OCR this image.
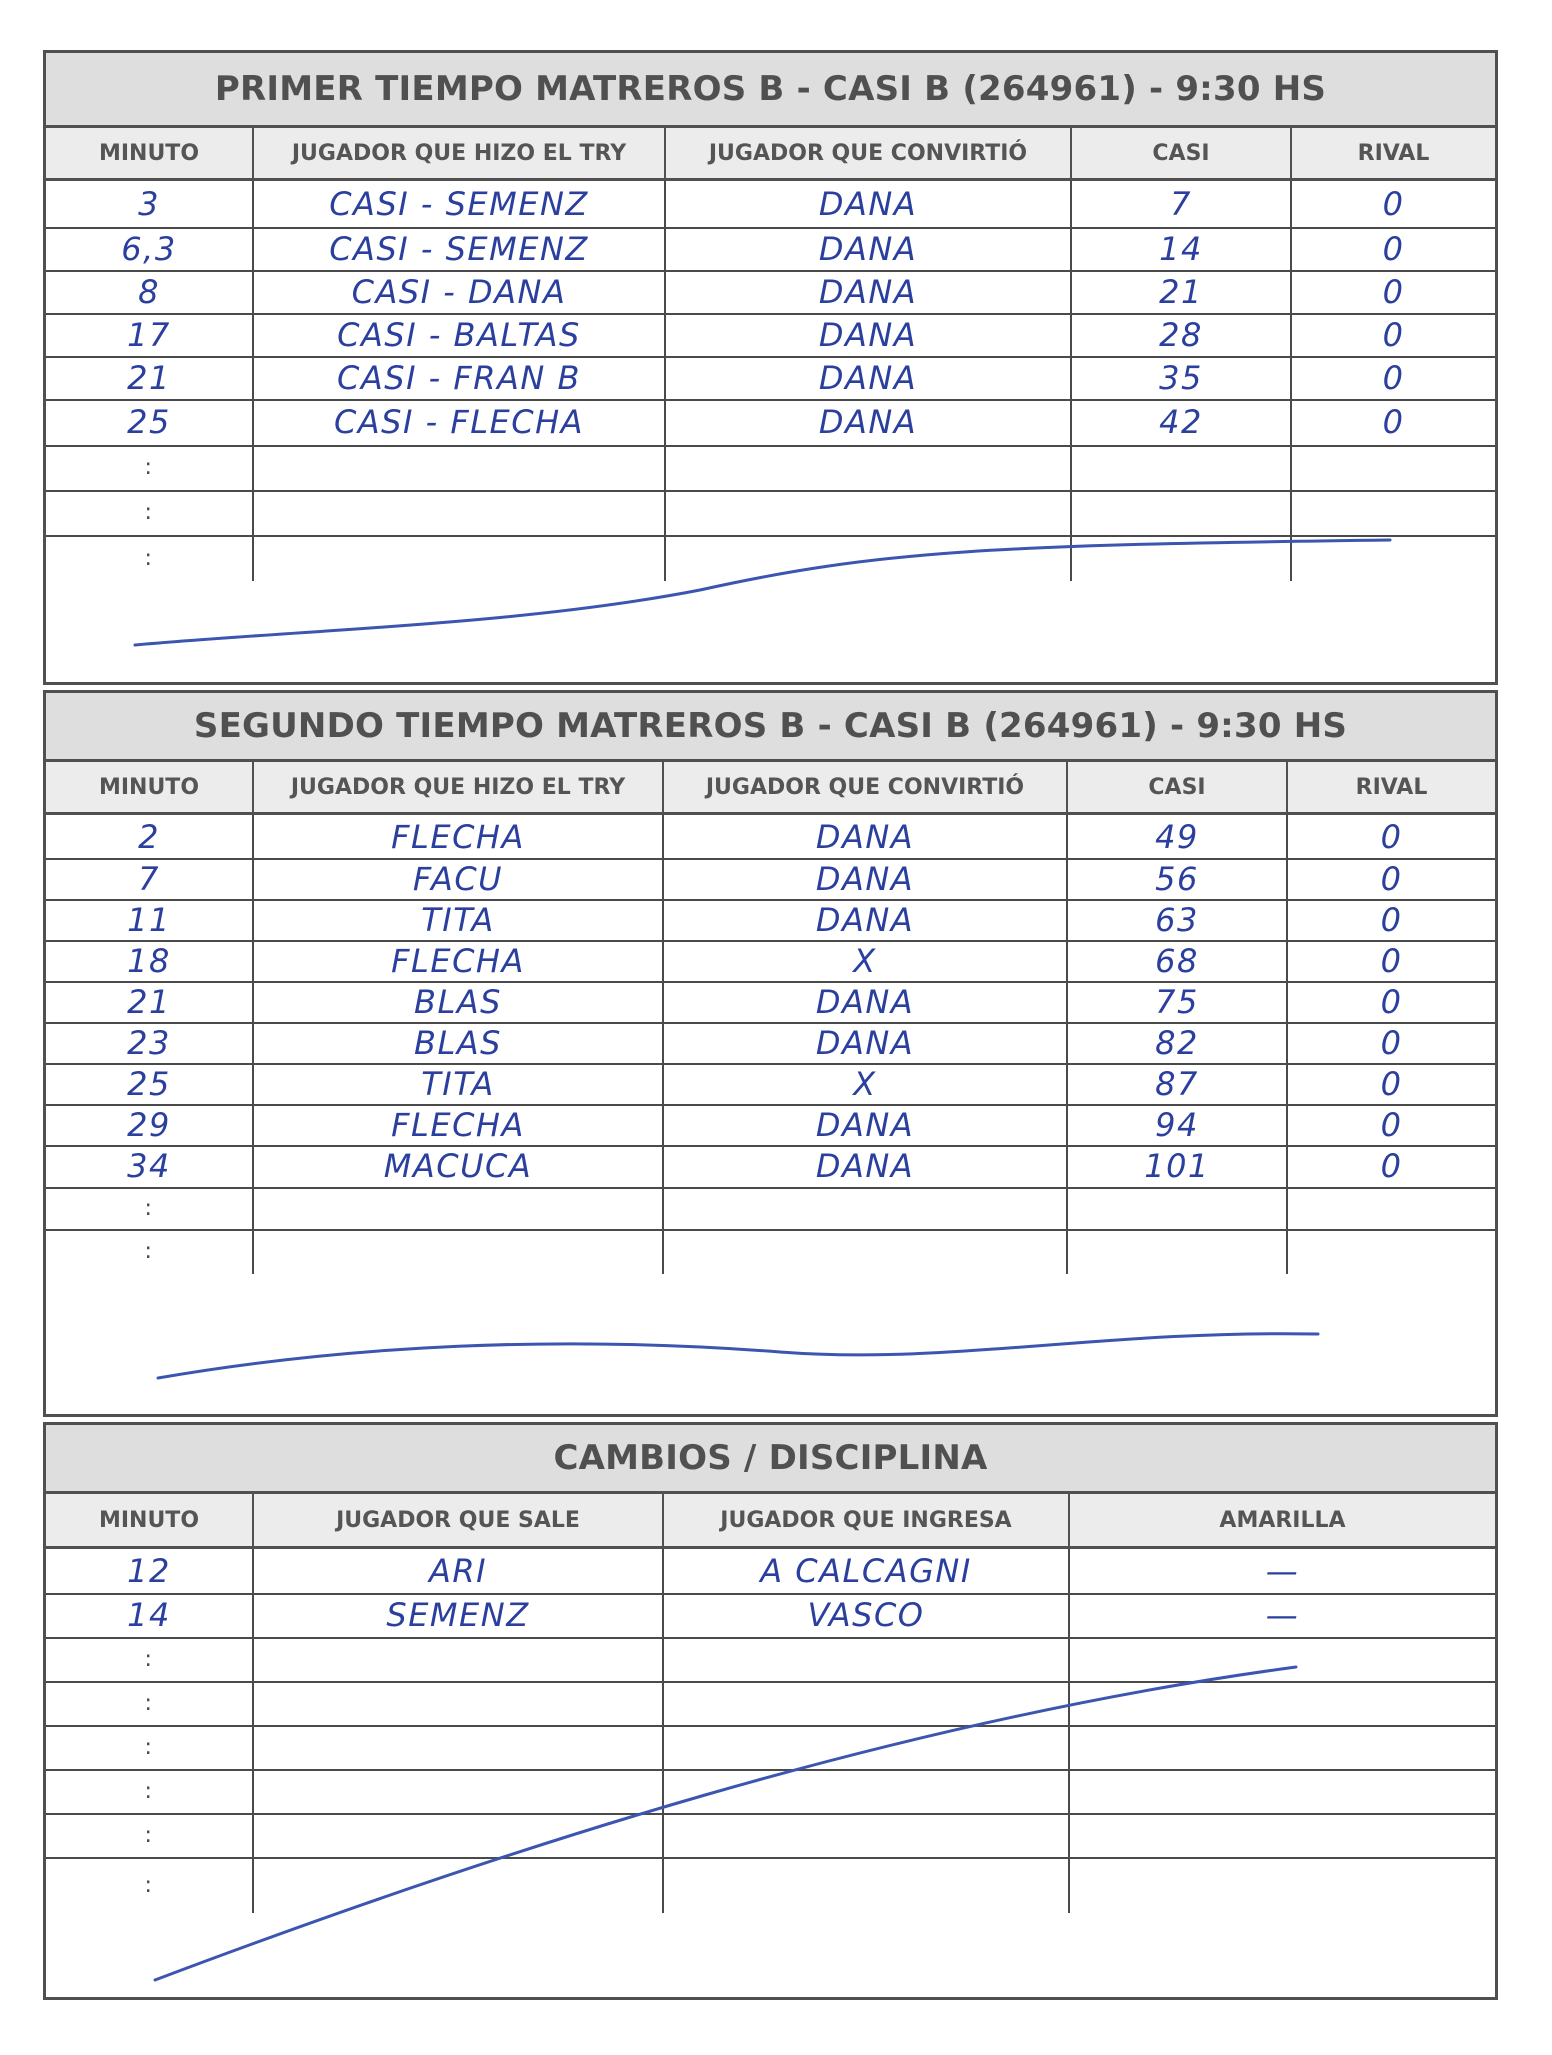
PRIMER TIEMPO MATREROS B - CASI B (264961) - 9:30 HS
MINUTO	JUGADOR QUE HIZO EL TRY	JUGADOR QUE CONVIRTIÓ	CASI	RIVAL
3	CASI - SEMENZ	DANA	7	0
6,3	CASI - SEMENZ	DANA	14	0
8	CASI - DANA	DANA	21	0
17	CASI - BALTAS	DANA	28	0
21	CASI - FRAN B	DANA	35	0
25	CASI - FLECHA	DANA	42	0
:
:
:
SEGUNDO TIEMPO MATREROS B - CASI B (264961) - 9:30 HS
MINUTO	JUGADOR QUE HIZO EL TRY	JUGADOR QUE CONVIRTIÓ	CASI	RIVAL
2	FLECHA	DANA	49	0
7	FACU	DANA	56	0
11	TITA	DANA	63	0
18	FLECHA	X	68	0
21	BLAS	DANA	75	0
23	BLAS	DANA	82	0
25	TITA	X	87	0
29	FLECHA	DANA	94	0
34	MACUCA	DANA	101	0
:
:
CAMBIOS / DISCIPLINA
MINUTO	JUGADOR QUE SALE	JUGADOR QUE INGRESA	AMARILLA
12	ARI	A CALCAGNI	—
14	SEMENZ	VASCO	—
:
:
:
:
:
:
